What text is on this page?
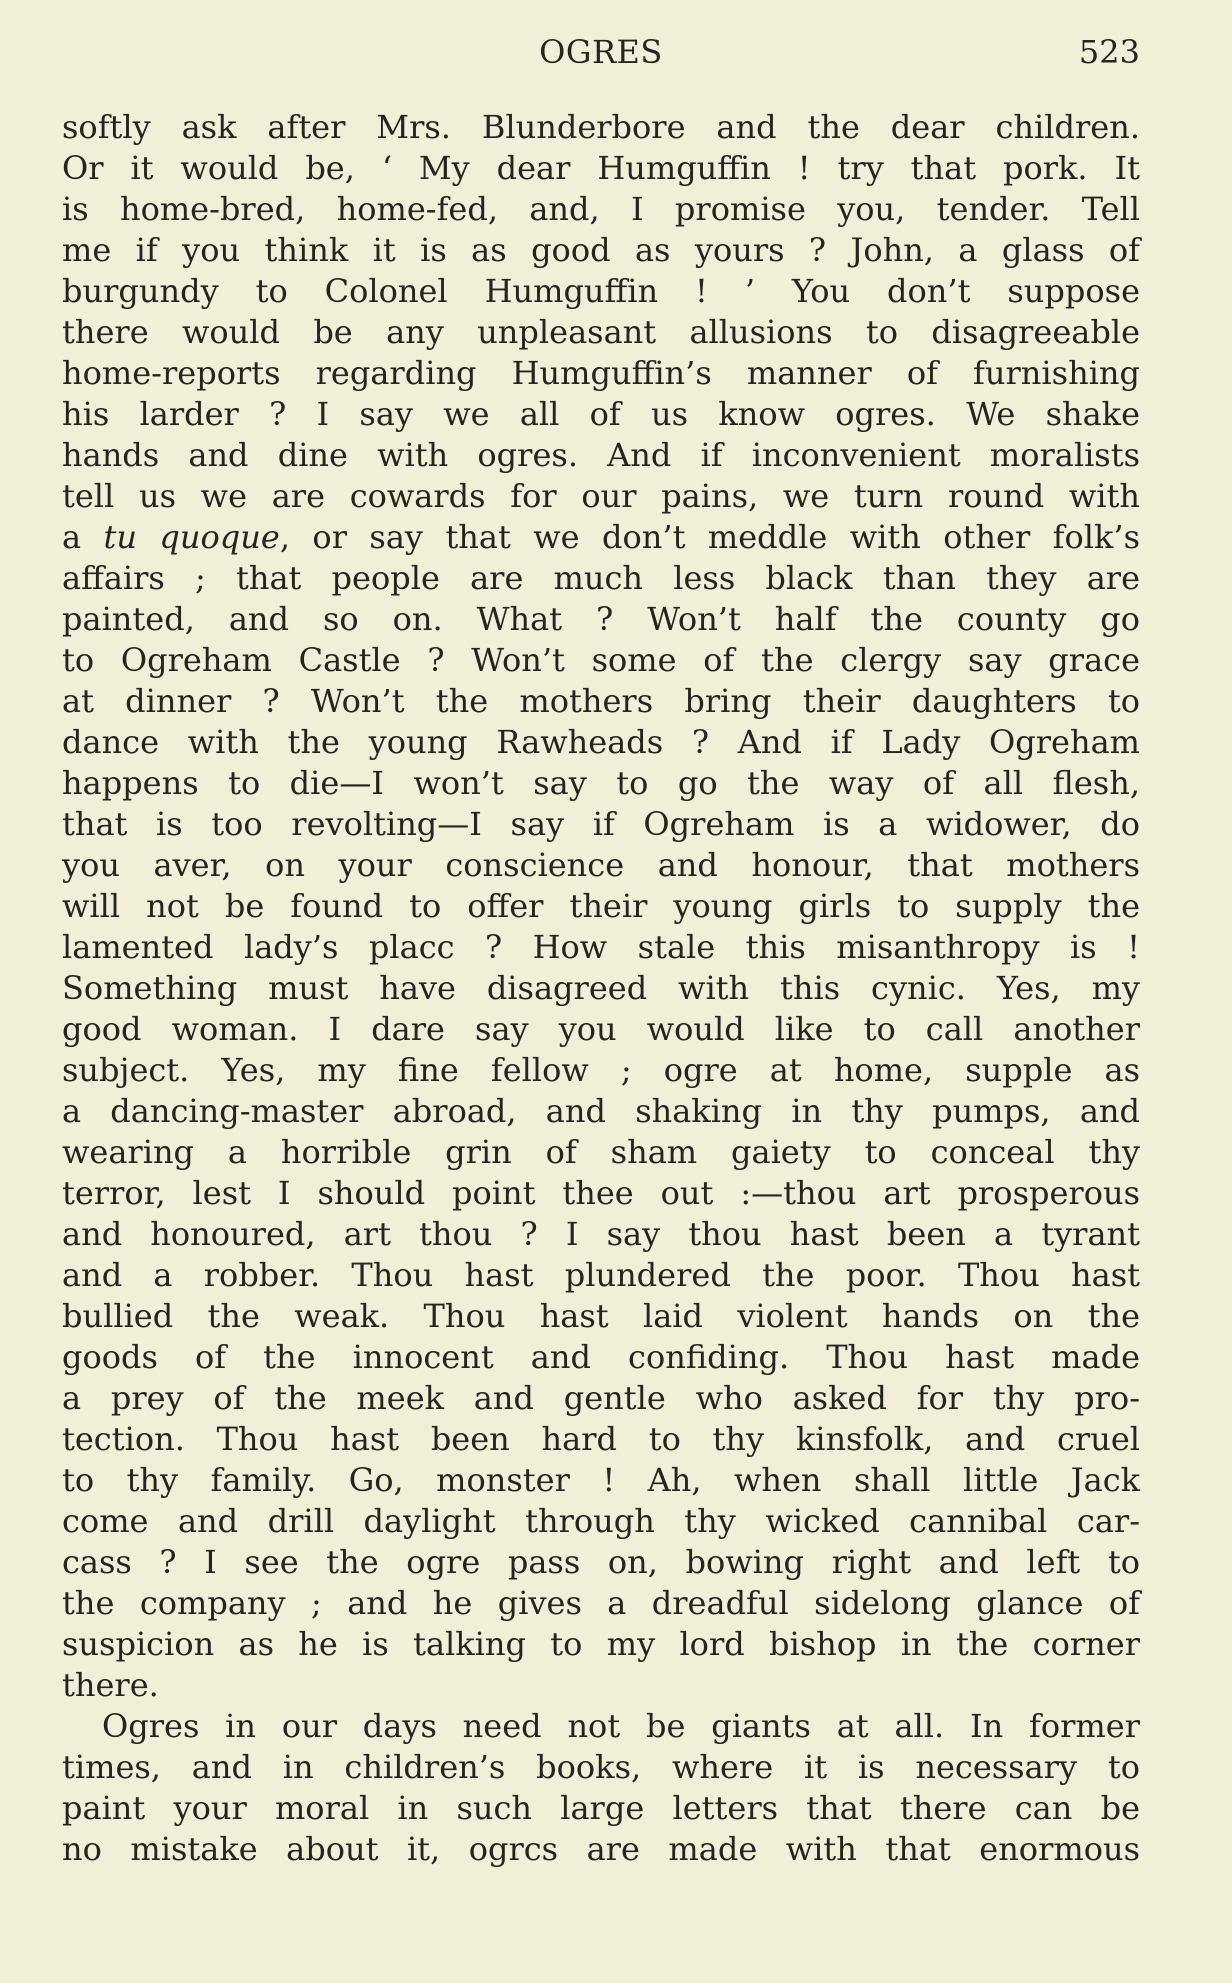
OGRES	523
softly ask after Mrs. Blunderbore and the dear children.
Or it would be, ‘ My dear Humguffin ! try that pork. It
is home-bred, home-fed, and, I promise you, tender. Tell
me if you think it is as good as yours ? John, a glass of
burgundy to Colonel Humguffin ! ’ You don’t suppose
there would be any unpleasant allusions to disagreeable
home-reports regarding Humguffin’s manner of furnishing
his larder ? I say we all of us know ogres. We shake
hands and dine with ogres. And if inconvenient moralists
tell us we are cowards for our pains, we turn round with
a tu quoque, or say that we don’t meddle with other folk’s
affairs ; that people are much less black than they are
painted, and so on. What ? Won’t half the county go
to Ogreham Castle ? Won’t some of the clergy say grace
at dinner ? Won’t the mothers bring their daughters to
dance with the young Rawheads ? And if Lady Ogreham
happens to die—I won’t say to go the way of all flesh,
that is too revolting—I say if Ogreham is a widower, do
you aver, on your conscience and honour, that mothers
will not be found to offer their young girls to supply the
lamented lady’s placc ? How stale this misanthropy is !
Something must have disagreed with this cynic. Yes, my
good woman. I dare say you would like to call another
subject. Yes, my fine fellow ; ogre at home, supple as
a dancing-master abroad, and shaking in thy pumps, and
wearing a horrible grin of sham gaiety to conceal thy
terror, lest I should point thee out :—thou art prosperous
and honoured, art thou ? I say thou hast been a tyrant
and a robber. Thou hast plundered the poor. Thou hast
bullied the weak. Thou hast laid violent hands on the
goods of the innocent and confiding. Thou hast made
a prey of the meek and gentle who asked for thy pro-
tection. Thou hast been hard to thy kinsfolk, and cruel
to thy family. Go, monster ! Ah, when shall little Jack
come and drill daylight through thy wicked cannibal car-
cass ? I see the ogre pass on, bowing right and left to
the company ; and he gives a dreadful sidelong glance of
suspicion as he is talking to my lord bishop in the corner
there.
Ogres in our days need not be giants at all. In former
times, and in children’s books, where it is necessary to
paint your moral in such large letters that there can be
no mistake about it, ogrcs are made with that enormous
